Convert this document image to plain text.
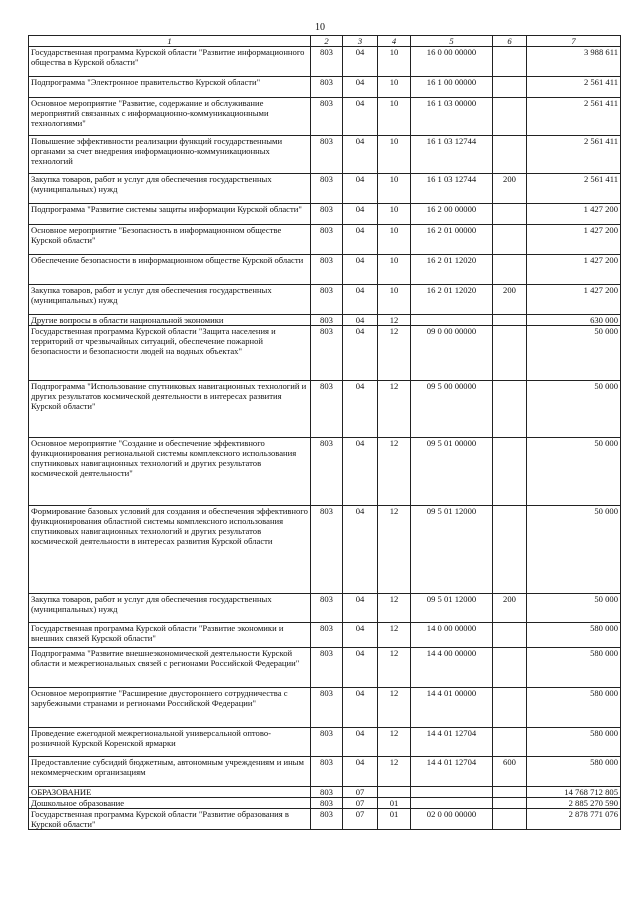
10
1	2	3	4	5	6	7
Государственная программа Курской области "Развитие информационного общества в Курской области"	803	04	10	16 0 00 00000		3 988 611
Подпрограмма "Электронное правительство Курской области"	803	04	10	16 1 00 00000		2 561 411
Основное мероприятие "Развитие, содержание и обслуживание мероприятий связанных с информационно-коммуникационными технологиями"	803	04	10	16 1 03 00000		2 561 411
Повышение эффективности реализации функций государственными органами за счет внедрения информационно-коммуникационных технологий	803	04	10	16 1 03 12744		2 561 411
Закупка товаров, работ и услуг для обеспечения государственных (муниципальных) нужд	803	04	10	16 1 03 12744	200	2 561 411
Подпрограмма "Развитие системы защиты информации Курской области"	803	04	10	16 2 00 00000		1 427 200
Основное мероприятие "Безопасность в информационном обществе Курской области"	803	04	10	16 2 01 00000		1 427 200
Обеспечение безопасности в информационном обществе Курской области	803	04	10	16 2 01 12020		1 427 200
Закупка товаров, работ и услуг для обеспечения государственных (муниципальных) нужд	803	04	10	16 2 01 12020	200	1 427 200
Другие вопросы в области национальной экономики	803	04	12			630 000
Государственная программа Курской области "Защита населения и территорий от чрезвычайных ситуаций, обеспечение пожарной безопасности и безопасности людей на водных объектах"	803	04	12	09 0 00 00000		50 000
Подпрограмма "Использование спутниковых навигационных технологий и других результатов космической деятельности в интересах развития Курской области"	803	04	12	09 5 00 00000		50 000
Основное мероприятие "Создание и обеспечение эффективного функционирования региональной системы комплексного использования спутниковых навигационных технологий и других результатов космической деятельности"	803	04	12	09 5 01 00000		50 000
Формирование базовых условий для создания и обеспечения эффективного функционирования областной системы комплексного использования спутниковых навигационных технологий и других результатов космической деятельности в интересах развития Курской области	803	04	12	09 5 01 12000		50 000
Закупка товаров, работ и услуг для обеспечения государственных (муниципальных) нужд	803	04	12	09 5 01 12000	200	50 000
Государственная программа Курской области "Развитие экономики и внешних связей Курской области"	803	04	12	14 0 00 00000		580 000
Подпрограмма "Развитие внешнеэкономической деятельности Курской области и межрегиональных связей с регионами Российской Федерации"	803	04	12	14 4 00 00000		580 000
Основное мероприятие "Расширение двустороннего сотрудничества с зарубежными странами и регионами Российской Федерации"	803	04	12	14 4 01 00000		580 000
Проведение ежегодной межрегиональной универсальной оптово-розничной Курской Коренской ярмарки	803	04	12	14 4 01 12704		580 000
Предоставление субсидий бюджетным, автономным учреждениям и иным некоммерческим организациям	803	04	12	14 4 01 12704	600	580 000
ОБРАЗОВАНИЕ	803	07				14 768 712 805
Дошкольное образование	803	07	01			2 885 270 590
Государственная программа Курской области "Развитие образования в Курской области"	803	07	01	02 0 00 00000		2 878 771 076
